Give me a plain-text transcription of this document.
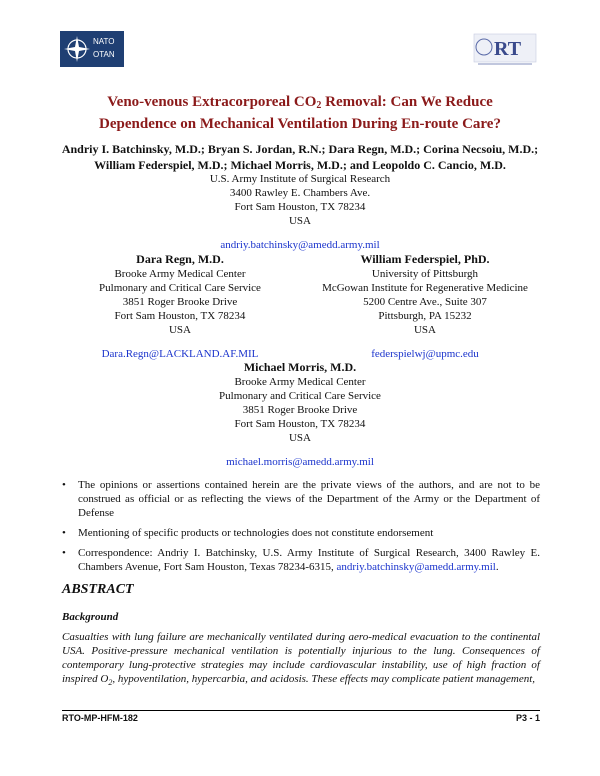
NATO
OTAN	RT
Veno-venous Extracorporeal CO2 Removal: Can We Reduce
Dependence on Mechanical Ventilation During En-route Care?
Andriy I. Batchinsky, M.D.; Bryan S. Jordan, R.N.; Dara Regn, M.D.; Corina Necsoiu, M.D.;
William Federspiel, M.D.; Michael Morris, M.D.; and Leopoldo C. Cancio, M.D.
U.S. Army Institute of Surgical Research
3400 Rawley E. Chambers Ave.
Fort Sam Houston, TX 78234
USA
andriy.batchinsky@amedd.army.mil
Dara Regn, M.D.
Brooke Army Medical Center
Pulmonary and Critical Care Service
3851 Roger Brooke Drive
Fort Sam Houston, TX 78234
USA
Dara.Regn@LACKLAND.AF.MIL
William Federspiel, PhD.
University of Pittsburgh
McGowan Institute for Regenerative Medicine
5200 Centre Ave., Suite 307
Pittsburgh, PA 15232
USA
federspielwj@upmc.edu
Michael Morris, M.D.
Brooke Army Medical Center
Pulmonary and Critical Care Service
3851 Roger Brooke Drive
Fort Sam Houston, TX 78234
USA
michael.morris@amedd.army.mil
• The opinions or assertions contained herein are the private views of the authors, and are not to be construed as official or as reflecting the views of the Department of the Army or the Department of Defense
• Mentioning of specific products or technologies does not constitute endorsement
• Correspondence: Andriy I. Batchinsky, U.S. Army Institute of Surgical Research, 3400 Rawley E. Chambers Avenue, Fort Sam Houston, Texas 78234-6315, andriy.batchinsky@amedd.army.mil.
ABSTRACT
Background
Casualties with lung failure are mechanically ventilated during aero-medical evacuation to the continental USA. Positive-pressure mechanical ventilation is potentially injurious to the lung. Consequences of contemporary lung-protective strategies may include cardiovascular instability, use of high fraction of inspired $O_2$, hypoventilation, hypercarbia, and acidosis. These effects may complicate patient management,
RTO-MP-HFM-182	P3 - 1
